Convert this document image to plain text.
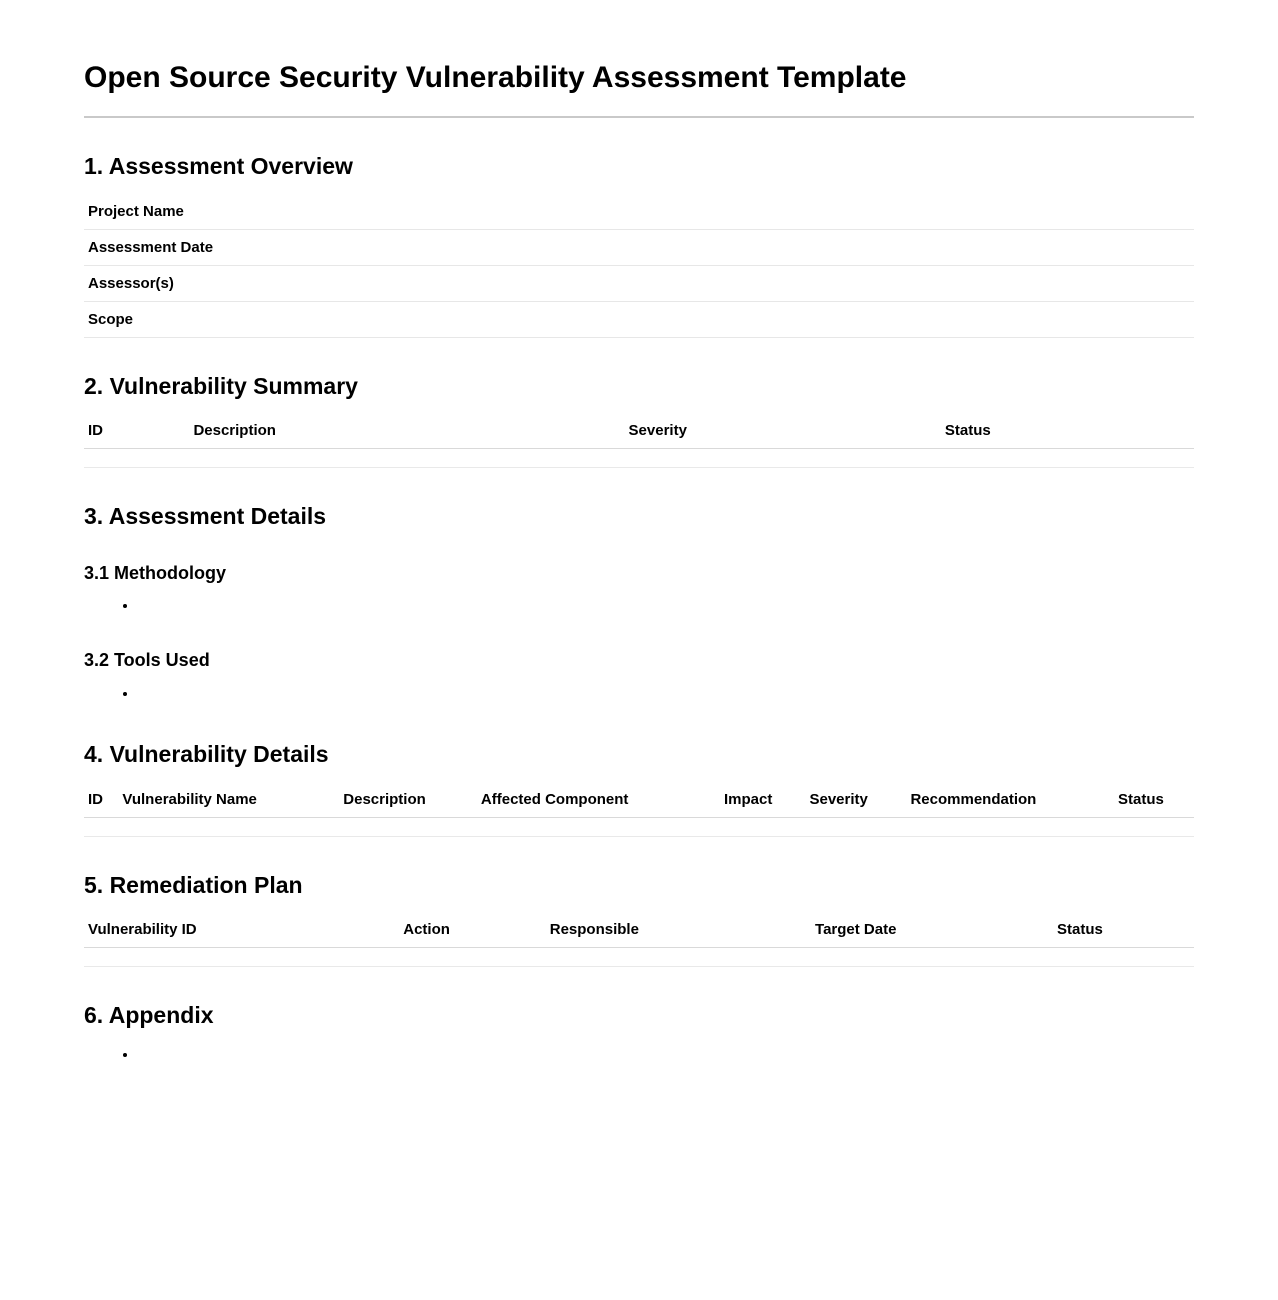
Open Source Security Vulnerability Assessment Template
1. Assessment Overview
Project Name	
Assessment Date	
Assessor(s)	
Scope	
2. Vulnerability Summary
ID	Description	Severity	Status

3. Assessment Details
3.1 Methodology
•
3.2 Tools Used
•
4. Vulnerability Details
ID	Vulnerability Name	Description	Affected Component	Impact	Severity	Recommendation	Status

5. Remediation Plan
Vulnerability ID	Action	Responsible	Target Date	Status

6. Appendix
•
